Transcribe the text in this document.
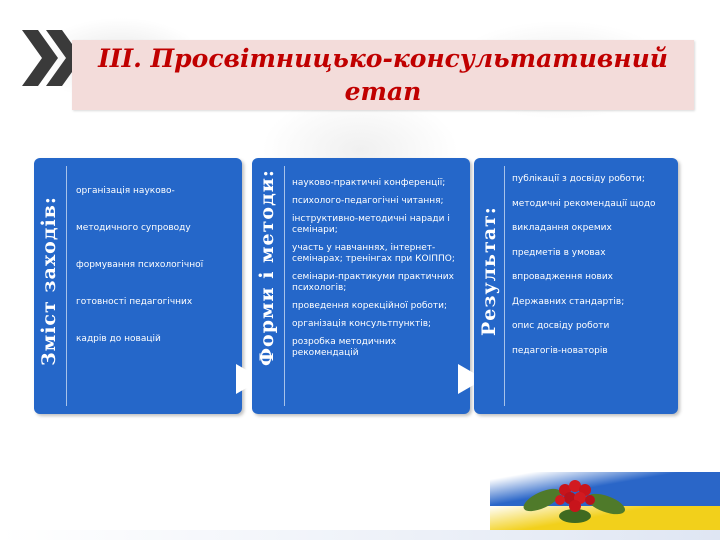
ІІІ. Просвітницько-консультативний етап
Зміст заходів:
організація науково-
методичного супроводу
формування психологічної
готовності педагогічних
кадрів до новацій	Форми і методи: науково-практичні конференції;
психолого-педагогічні читання;
інструктивно-методичні наради і семінари;
участь у навчаннях, інтернет-семінарах; тренінгах при КОІППО;
семінари-практикуми практичних психологів;
проведення корекційної роботи;
організація консультпунктів;
розробка методичних рекомендацій
Результат:
публікації з досвіду роботи;
методичні рекомендації щодо
викладання окремих
предметів в умовах
впровадження нових
Державних стандартів;
опис досвіду роботи
педагогів-новаторів
